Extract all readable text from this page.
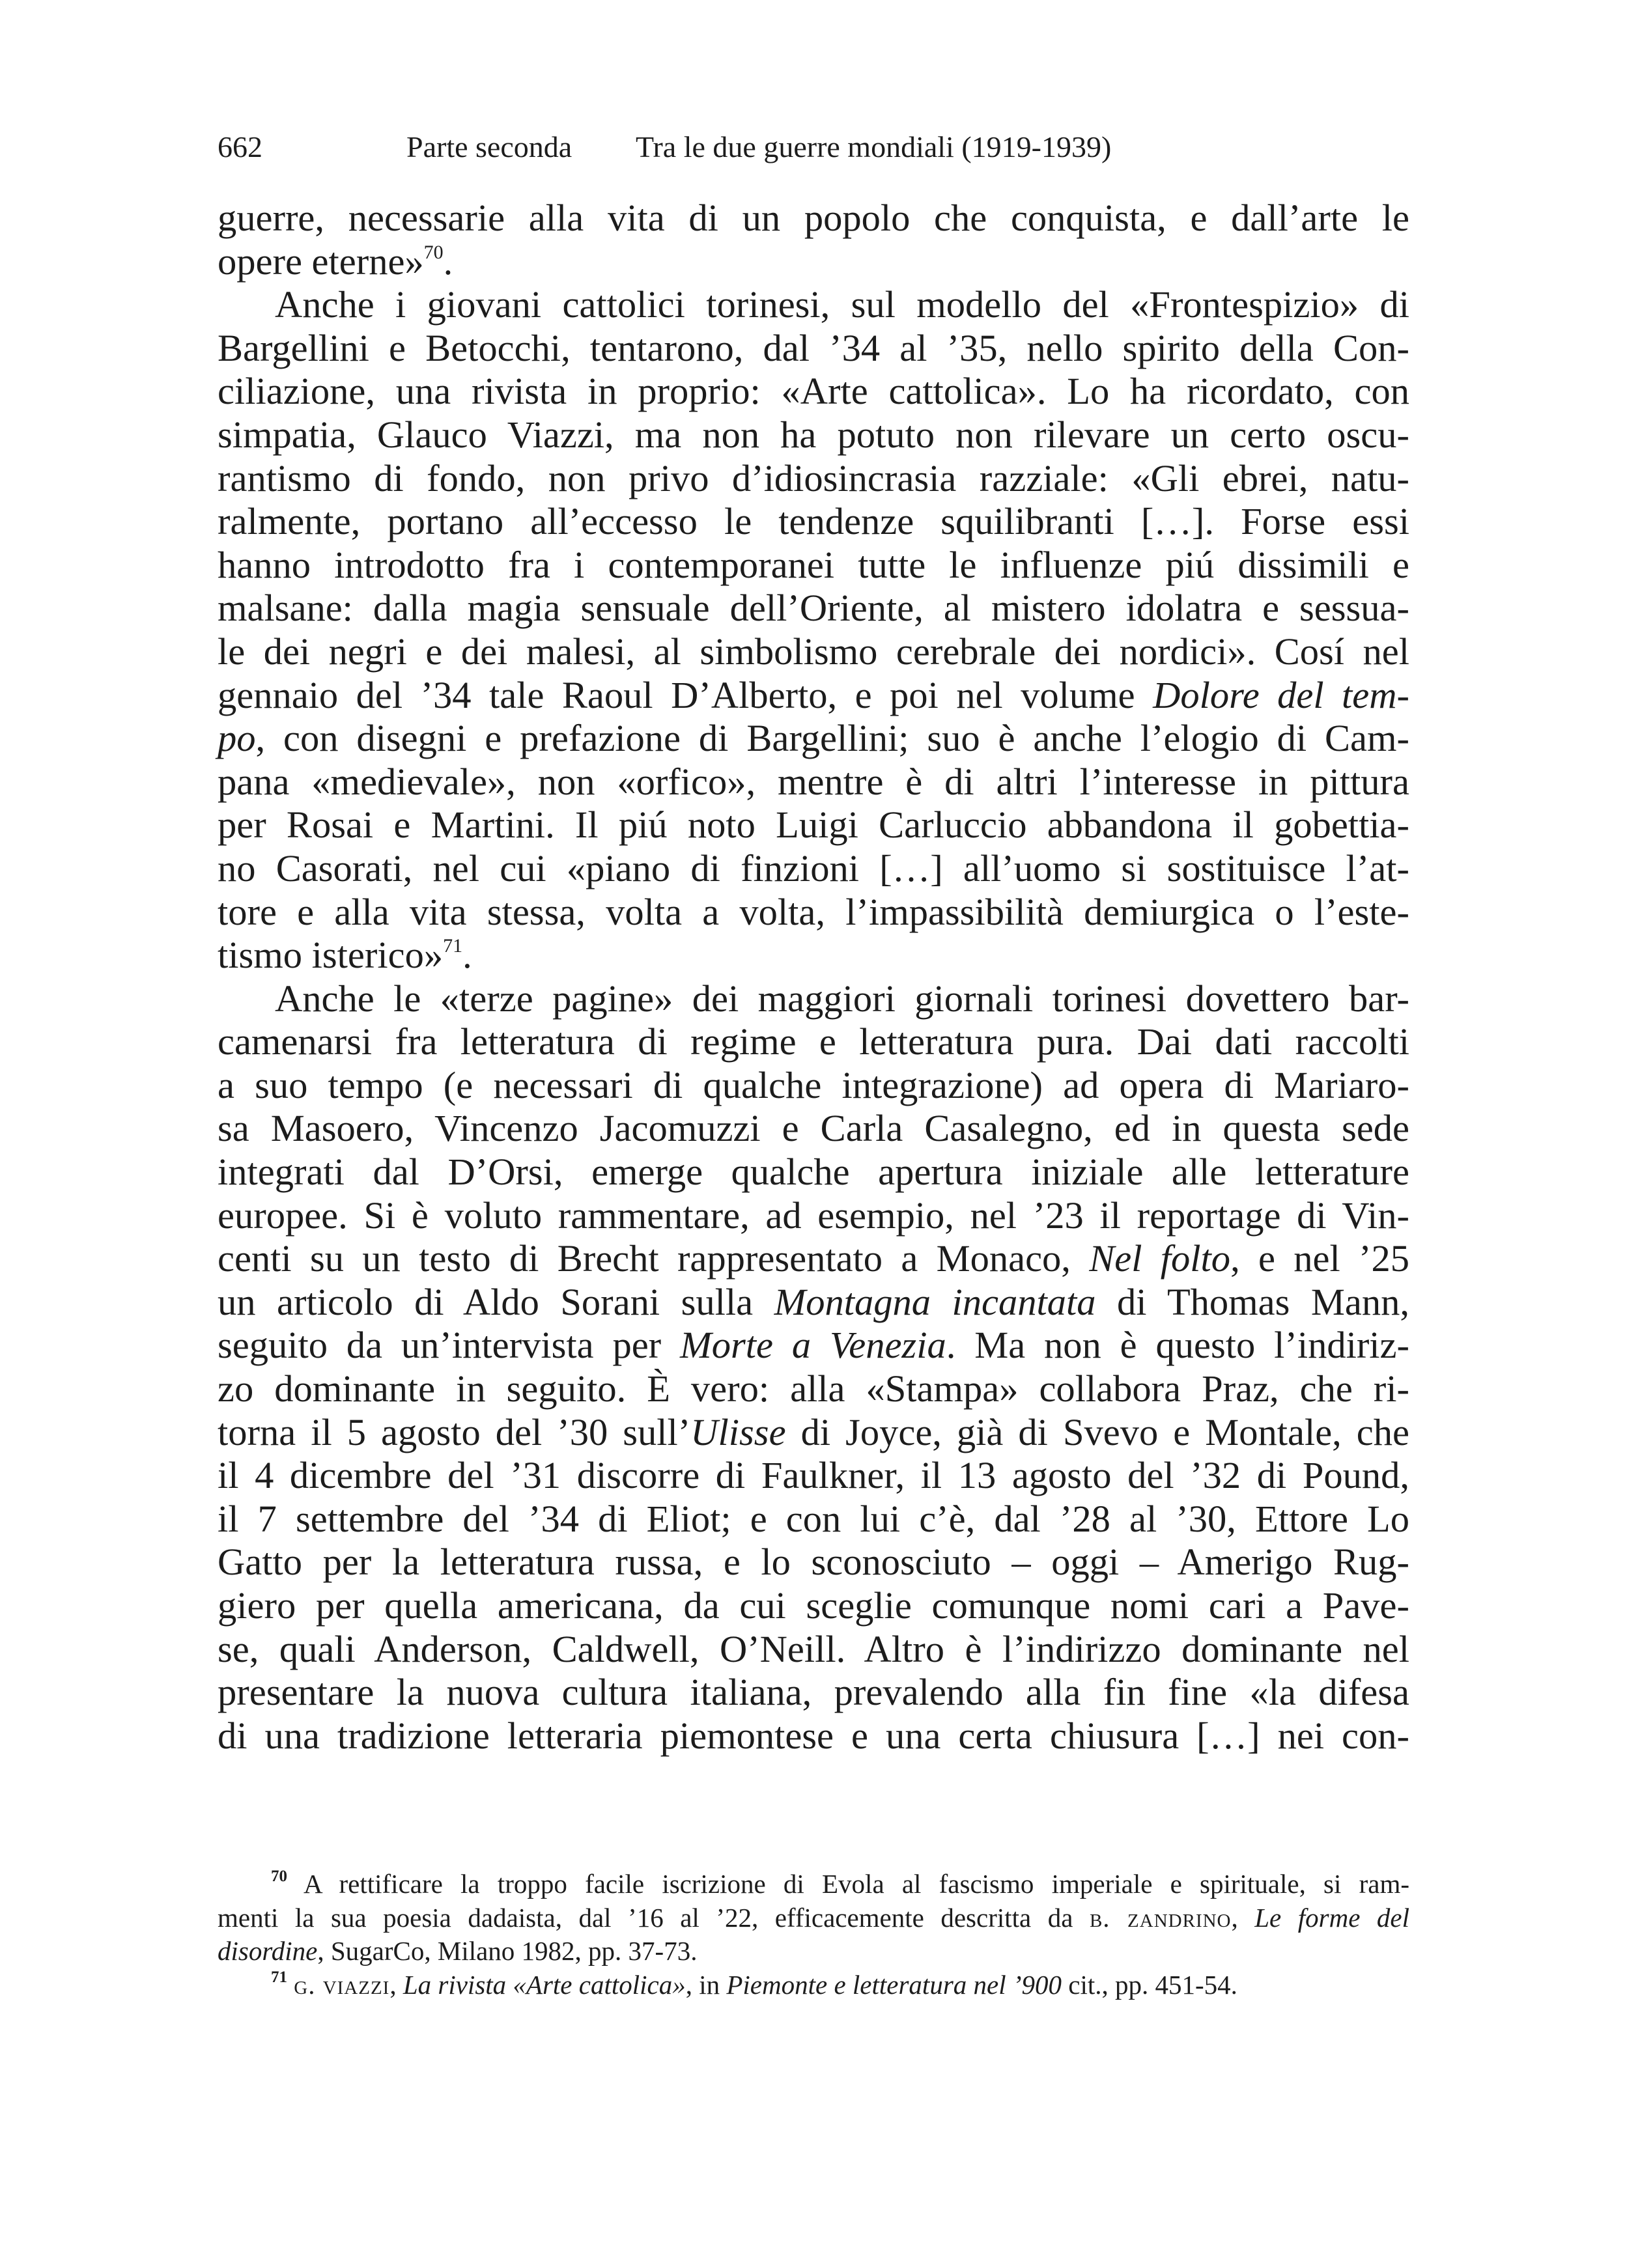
662	Parte seconda Tra le due guerre mondiali (1919-1939)
guerre, necessarie alla vita di un popolo che conquista, e dall’arte le
opere eterne»$^{70}$.
Anche i giovani cattolici torinesi, sul modello del «Frontespizio» di
Bargellini e Betocchi, tentarono, dal ’34 al ’35, nello spirito della Con-
ciliazione, una rivista in proprio: «Arte cattolica». Lo ha ricordato, con
simpatia, Glauco Viazzi, ma non ha potuto non rilevare un certo oscu-
rantismo di fondo, non privo d’idiosincrasia razziale: «Gli ebrei, natu-
ralmente, portano all’eccesso le tendenze squilibranti […]. Forse essi
hanno introdotto fra i contemporanei tutte le influenze piú dissimili e
malsane: dalla magia sensuale dell’Oriente, al mistero idolatra e sessua-
le dei negri e dei malesi, al simbolismo cerebrale dei nordici». Cosí nel
gennaio del ’34 tale Raoul D’Alberto, e poi nel volume Dolore del tem-
po, con disegni e prefazione di Bargellini; suo è anche l’elogio di Cam-
pana «medievale», non «orfico», mentre è di altri l’interesse in pittura
per Rosai e Martini. Il piú noto Luigi Carluccio abbandona il gobettia-
no Casorati, nel cui «piano di finzioni […] all’uomo si sostituisce l’at-
tore e alla vita stessa, volta a volta, l’impassibilità demiurgica o l’este-
tismo isterico»$^{71}$.
Anche le «terze pagine» dei maggiori giornali torinesi dovettero bar-
camenarsi fra letteratura di regime e letteratura pura. Dai dati raccolti
a suo tempo (e necessari di qualche integrazione) ad opera di Mariaro-
sa Masoero, Vincenzo Jacomuzzi e Carla Casalegno, ed in questa sede
integrati dal D’Orsi, emerge qualche apertura iniziale alle letterature
europee. Si è voluto rammentare, ad esempio, nel ’23 il reportage di Vin-
centi su un testo di Brecht rappresentato a Monaco, Nel folto, e nel ’25
un articolo di Aldo Sorani sulla Montagna incantata di Thomas Mann,
seguito da un’intervista per Morte a Venezia. Ma non è questo l’indiriz-
zo dominante in seguito. È vero: alla «Stampa» collabora Praz, che ri-
torna il 5 agosto del ’30 sull’Ulisse di Joyce, già di Svevo e Montale, che
il 4 dicembre del ’31 discorre di Faulkner, il 13 agosto del ’32 di Pound,
il 7 settembre del ’34 di Eliot; e con lui c’è, dal ’28 al ’30, Ettore Lo
Gatto per la letteratura russa, e lo sconosciuto – oggi – Amerigo Rug-
giero per quella americana, da cui sceglie comunque nomi cari a Pave-
se, quali Anderson, Caldwell, O’Neill. Altro è l’indirizzo dominante nel
presentare la nuova cultura italiana, prevalendo alla fin fine «la difesa
di una tradizione letteraria piemontese e una certa chiusura […] nei con-
$^{70}$ A rettificare la troppo facile iscrizione di Evola al fascismo imperiale e spirituale, si ram-
menti la sua poesia dadaista, dal ’16 al ’22, efficacemente descritta da b. zandrino, Le forme del
disordine, SugarCo, Milano 1982, pp. 37-73.
$^{71}$ g. viazzi, La rivista «Arte cattolica», in Piemonte e letteratura nel ’900 cit., pp. 451-54.
